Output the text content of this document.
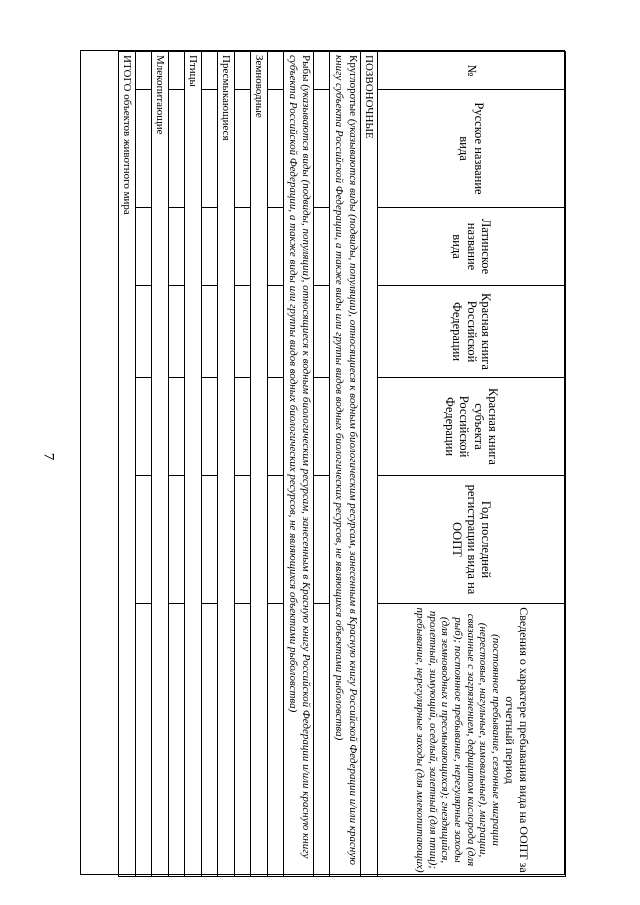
7
№	Русское название вида	Латинское название вида	Красная книга Российской Федерации	Красная книга субъекта Российской Федерации	Год последней регистрации вида на ООПТ	Сведения о характере пребывания вида на ООПТ за отчетный период
(постоянное пребывание, сезонные миграции (нерестовые, нагульные, зимовальные), миграции, связанные с загрязнением, дефицитом кислорода (для рыб); постоянное пребывание, нерегулярные заходы (для земноводных и пресмыкающихся); гнездящийся, пролетный, зимующий, оседлый, залетный (для птиц); пребывание, нерегулярные заходы (для млекопитающих)

ПОЗВОНОЧНЫЕ						
Круглоротые (указываются виды (подвиды, популяции), относящиеся к водным биологическим ресурсам, занесенным в Красную книгу Российской Федерации и/или красную книгу субъекта Российской Федерации, а также виды или группы видов водных биологических ресурсов, не являющихся объектами рыболовства)						

Рыбы (указываются виды (подвиды, популяции), относящиеся к водным биологическим ресурсам, занесенным в Красную книгу Российской Федерации и/или красную книгу субъекта Российской Федерации, а также виды или группы видов водных биологических ресурсов, не являющихся объектами рыболовства)						

Земноводные						

Пресмыкающиеся						

Птицы						

Млекопитающие						

ИТОГО объектов животного мира						
